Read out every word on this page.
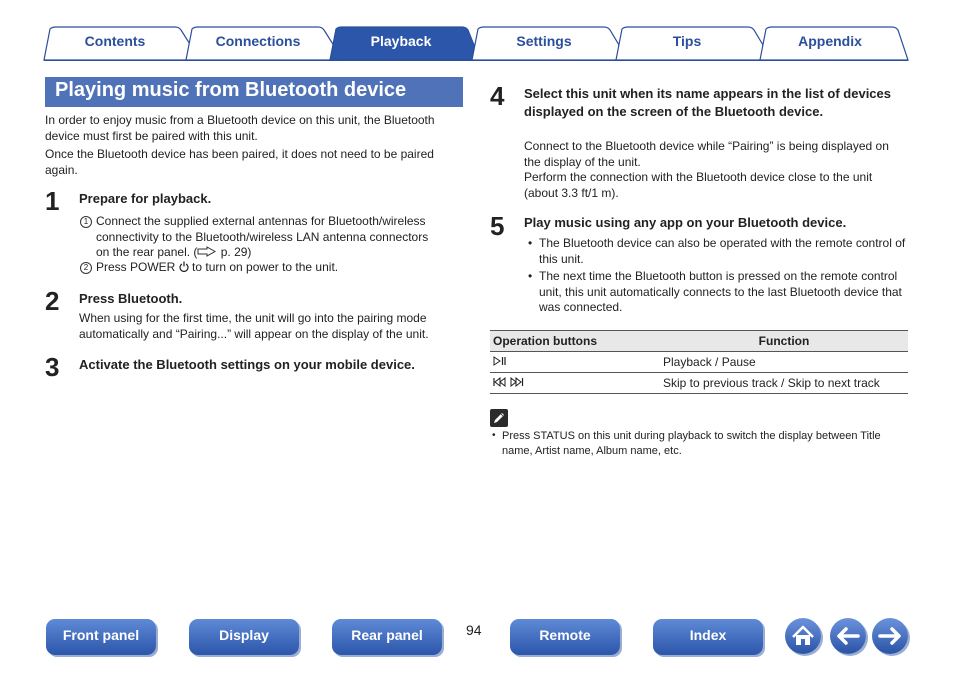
Contents	Connections	Playback	Settings	Tips	Appendix
Playing music from Bluetooth device
In order to enjoy music from a Bluetooth device on this unit, the Bluetooth device must first be paired with this unit.
Once the Bluetooth device has been paired, it does not need to be paired again.
1 Prepare for playback.
1 Connect the supplied external antennas for Bluetooth/wireless
connectivity to the Bluetooth/wireless LAN antenna connectors
on the rear panel. ( p. 29)
2 Press POWER  to turn on power to the unit.
2 Press Bluetooth.
When using for the first time, the unit will go into the pairing mode automatically and “Pairing...” will appear on the display of the unit.
3 Activate the Bluetooth settings on your mobile device.
4 Select this unit when its name appears in the list of devices displayed on the screen of the Bluetooth device.
Connect to the Bluetooth device while “Pairing” is being displayed on the display of the unit.
Perform the connection with the Bluetooth device close to the unit (about 3.3 ft/1 m).
5 Play music using any app on your Bluetooth device.
• The Bluetooth device can also be operated with the remote control of this unit.
• The next time the Bluetooth button is pressed on the remote control unit, this unit automatically connects to the last Bluetooth device that was connected.
Operation buttons	Function
	Playback / Pause
	Skip to previous track / Skip to next track
• Press STATUS on this unit during playback to switch the display between Title name, Artist name, Album name, etc.
94
Front panel	Display	Rear panel	Remote	Index
